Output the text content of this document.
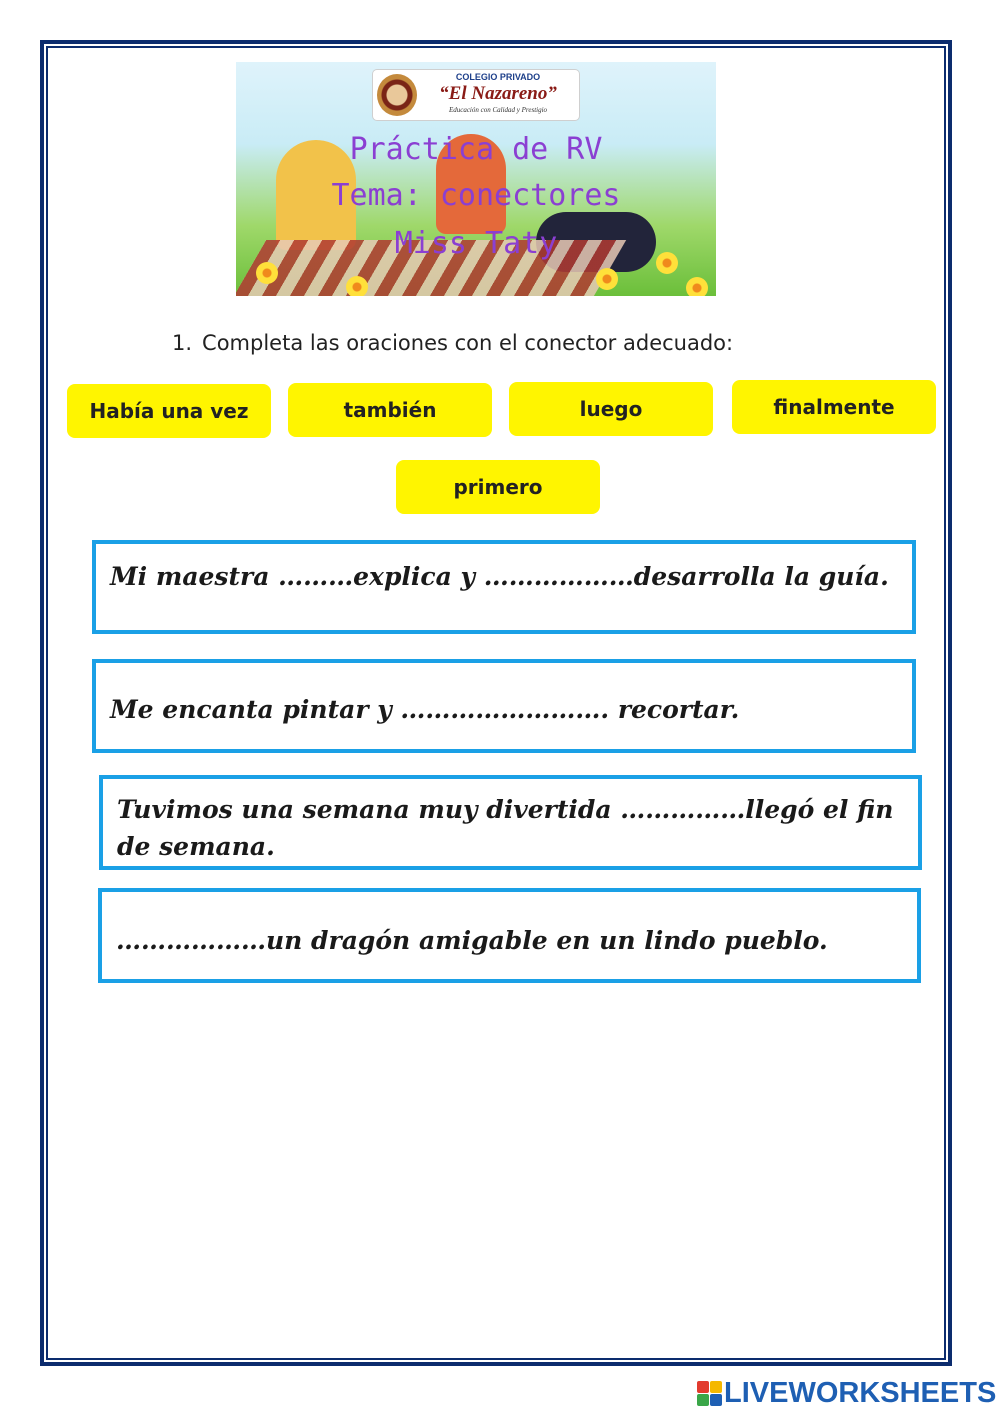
COLEGIO PRIVADO
“El Nazareno”
Educación con Calidad y Prestigio
Práctica de RV
Tema: conectores
Miss Taty
1. Completa las oraciones con el conector adecuado:
Había una vez	también	luego	finalmente
primero
Mi maestra ………explica y ………………desarrolla la guía.
Me encanta pintar y ……………………. recortar.
Tuvimos una semana muy divertida ……………llegó el fin de semana.
………………un dragón amigable en un lindo pueblo.
LIVEWORKSHEETS
